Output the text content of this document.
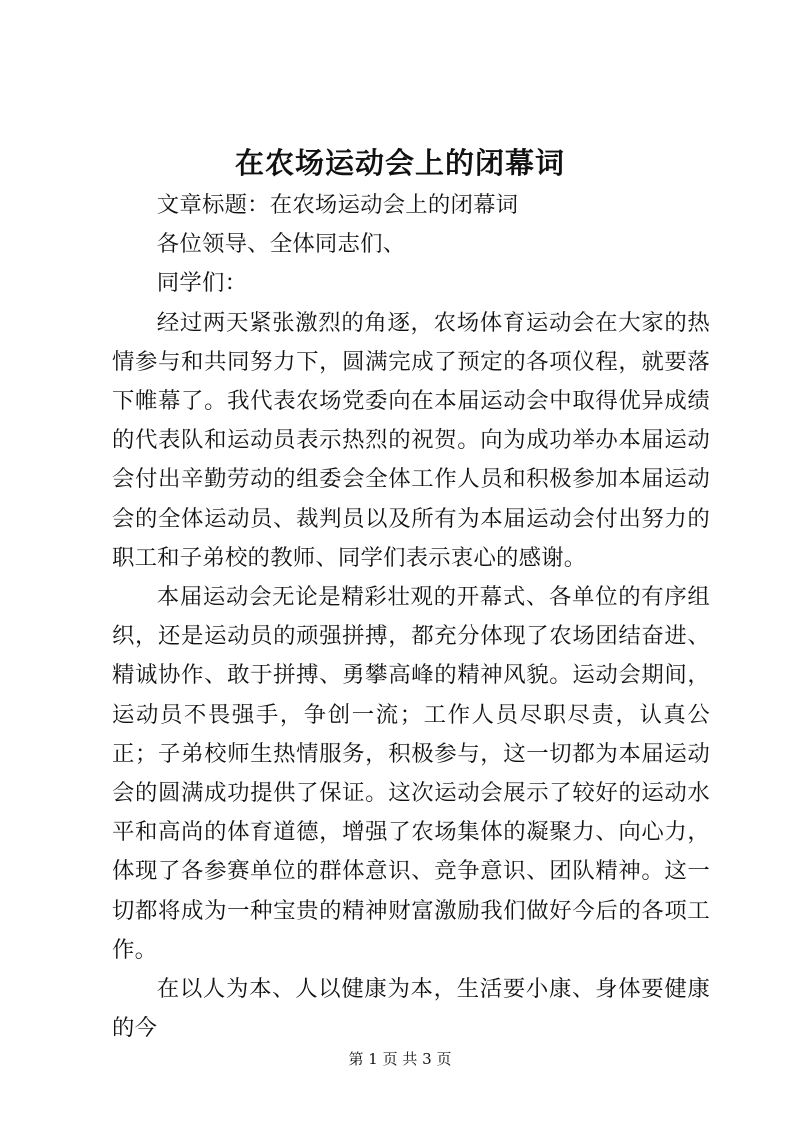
在农场运动会上的闭幕词

文章标题：在农场运动会上的闭幕词

各位领导、全体同志们、

同学们：

经过两天紧张激烈的角逐，农场体育运动会在大家的热情参与和共同努力下，圆满完成了预定的各项仪程，就要落下帷幕了。我代表农场党委向在本届运动会中取得优异成绩的代表队和运动员表示热烈的祝贺。向为成功举办本届运动会付出辛勤劳动的组委会全体工作人员和积极参加本届运动会的全体运动员、裁判员以及所有为本届运动会付出努力的职工和子弟校的教师、同学们表示衷心的感谢。

本届运动会无论是精彩壮观的开幕式、各单位的有序组织，还是运动员的顽强拼搏，都充分体现了农场团结奋进、精诚协作、敢于拼搏、勇攀高峰的精神风貌。运动会期间，运动员不畏强手，争创一流；工作人员尽职尽责，认真公正；子弟校师生热情服务，积极参与，这一切都为本届运动会的圆满成功提供了保证。这次运动会展示了较好的运动水平和高尚的体育道德，增强了农场集体的凝聚力、向心力，体现了各参赛单位的群体意识、竞争意识、团队精神。这一切都将成为一种宝贵的精神财富激励我们做好今后的各项工作。

在以人为本、人以健康为本，生活要小康、身体要健康的今

第 1 页 共 3 页
